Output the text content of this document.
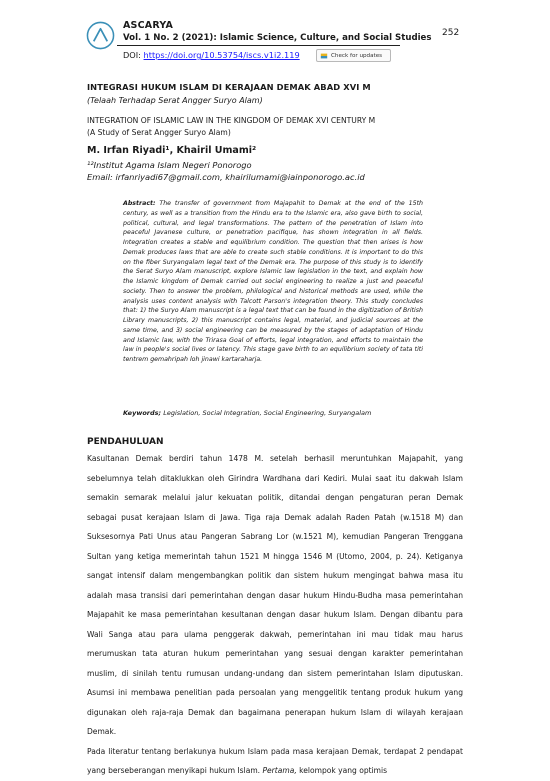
ASCARYA
Vol. 1 No. 2 (2021): Islamic Science, Culture, and Social Studies 252
DOI: https://doi.org/10.53754/iscs.v1i2.119	Check for updates
INTEGRASI HUKUM ISLAM DI KERAJAAN DEMAK ABAD XVI M
(Telaah Terhadap Serat Angger Suryo Alam)
INTEGRATION OF ISLAMIC LAW IN THE KINGDOM OF DEMAK XVI CENTURY M
(A Study of Serat Angger Suryo Alam)
M. Irfan Riyadi¹, Khairil Umami²
¹²Institut Agama Islam Negeri Ponorogo
Email: irfanriyadi67@gmail.com, khairilumami@iainponorogo.ac.id
Abstract: The transfer of government from Majapahit to Demak at the end of the 15th century, as well as a transition from the Hindu era to the Islamic era, also gave birth to social, political, cultural, and legal transformations. The pattern of the penetration of Islam into peaceful Javanese culture, or penetration pacifique, has shown integration in all fields. Integration creates a stable and equilibrium condition. The question that then arises is how Demak produces laws that are able to create such stable conditions. It is important to do this on the fiber Suryangalam legal text of the Demak era. The purpose of this study is to identify the Serat Suryo Alam manuscript, explore Islamic law legislation in the text, and explain how the Islamic kingdom of Demak carried out social engineering to realize a just and peaceful society. Then to answer the problem, philological and historical methods are used, while the analysis uses content analysis with Talcott Parson's integration theory. This study concludes that: 1) the Suryo Alam manuscript is a legal text that can be found in the digitization of British Library manuscripts, 2) this manuscript contains legal, material, and judicial sources at the same time, and 3) social engineering can be measured by the stages of adaptation of Hindu and Islamic law, with the Trirasa Goal of efforts, legal integration, and efforts to maintain the law in people's social lives or latency. This stage gave birth to an equilibrium society of tata titi tentrem gemahripah loh jinawi kartaraharja.
Keywords; Legislation, Social Integration, Social Engineering, Suryangalam
PENDAHULUAN

Kasultanan Demak berdiri tahun 1478 M. setelah berhasil meruntuhkan Majapahit, yang sebelumnya telah ditaklukkan oleh Girindra Wardhana dari Kediri. Mulai saat itu dakwah Islam semakin semarak melalui jalur kekuatan politik, ditandai dengan pengaturan peran Demak sebagai pusat kerajaan Islam di Jawa. Tiga raja Demak adalah Raden Patah (w.1518 M) dan Suksesornya Pati Unus atau Pangeran Sabrang Lor (w.1521 M), kemudian Pangeran Trenggana Sultan yang ketiga memerintah tahun 1521 M hingga 1546 M (Utomo, 2004, p. 24). Ketiganya sangat intensif dalam mengembangkan politik dan sistem hukum mengingat bahwa masa itu adalah masa transisi dari pemerintahan dengan dasar hukum Hindu-Budha masa pemerintahan Majapahit ke masa pemerintahan kesultanan dengan dasar hukum Islam. Dengan dibantu para Wali Sanga atau para ulama penggerak dakwah, pemerintahan ini mau tidak mau harus merumuskan tata aturan hukum pemerintahan yang sesuai dengan karakter pemerintahan muslim, di sinilah tentu rumusan undang-undang dan sistem pemerintahan Islam diputuskan. Asumsi ini membawa penelitian pada persoalan yang menggelitik tentang produk hukum yang digunakan oleh raja-raja Demak dan bagaimana penerapan hukum Islam di wilayah kerajaan Demak.

Pada literatur tentang berlakunya hukum Islam pada masa kerajaan Demak, terdapat 2 pendapat yang berseberangan menyikapi hukum Islam. Pertama, kelompok yang optimis
